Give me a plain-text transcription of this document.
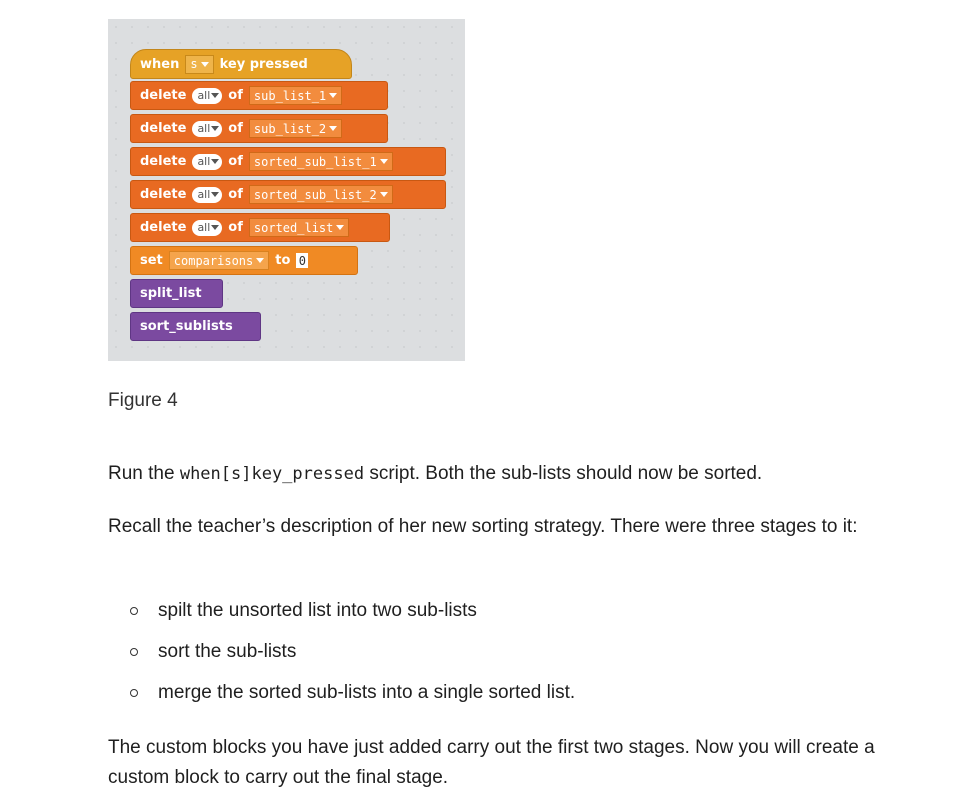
when s key pressed
delete all of sub_list_1
delete all of sub_list_2
delete all of sorted_sub_list_1
delete all of sorted_sub_list_2
delete all of sorted_list
set comparisons to 0
split_list
sort_sublists
Figure 4

Run the when[s]key_pressed script. Both the sub-lists should now be sorted.

Recall the teacher’s description of her new sorting strategy. There were three stages to it:

spilt the unsorted list into two sub-lists
sort the sub-lists
merge the sorted sub-lists into a single sorted list.

The custom blocks you have just added carry out the first two stages. Now you will create a custom block to carry out the final stage.
